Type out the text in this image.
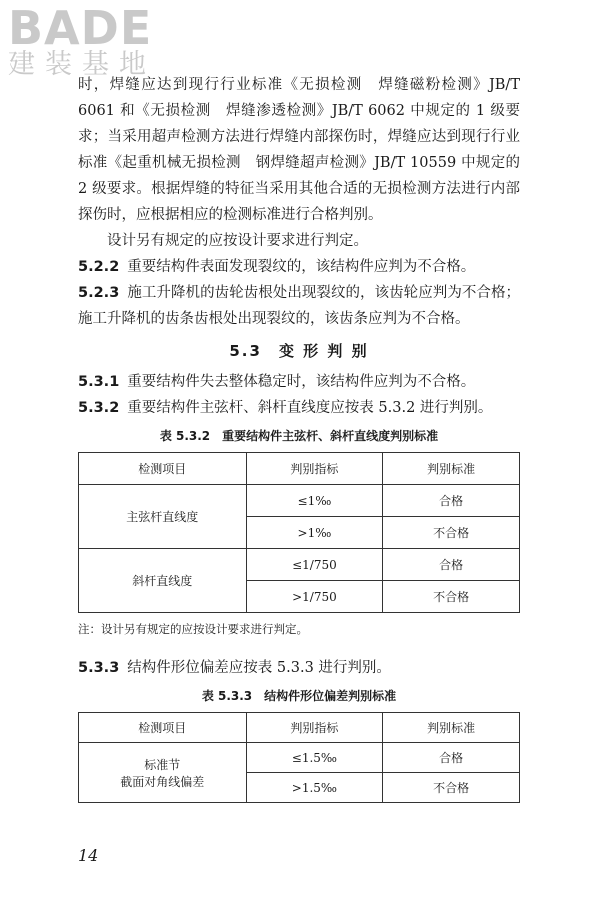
BADE
建装基地

时，焊缝应达到现行行业标准《无损检测　焊缝磁粉检测》JB/T 6061 和《无损检测　焊缝渗透检测》JB/T 6062 中规定的 1 级要求；当采用超声检测方法进行焊缝内部探伤时，焊缝应达到现行行业标准《起重机械无损检测　钢焊缝超声检测》JB/T 10559 中规定的 2 级要求。根据焊缝的特征当采用其他合适的无损检测方法进行内部探伤时，应根据相应的检测标准进行合格判别。

设计另有规定的应按设计要求进行判定。

5.2.2 重要结构件表面发现裂纹的，该结构件应判为不合格。

5.2.3 施工升降机的齿轮齿根处出现裂纹的，该齿轮应判为不合格；施工升降机的齿条齿根处出现裂纹的，该齿条应判为不合格。

5.3　变 形 判 别

5.3.1 重要结构件失去整体稳定时，该结构件应判为不合格。

5.3.2 重要结构件主弦杆、斜杆直线度应按表 5.3.2 进行判别。

表 5.3.2　重要结构件主弦杆、斜杆直线度判别标准
检测项目	判别指标	判别标准
主弦杆直线度	≤1‰	合格
	>1‰	不合格
斜杆直线度	≤1/750	合格
	>1/750	不合格
注：设计另有规定的应按设计要求进行判定。

5.3.3 结构件形位偏差应按表 5.3.3 进行判别。

表 5.3.3　结构件形位偏差判别标准
检测项目	判别指标	判别标准

标准节
截面对角线偏差	≤1.5‰	合格
	>1.5‰	不合格
14
